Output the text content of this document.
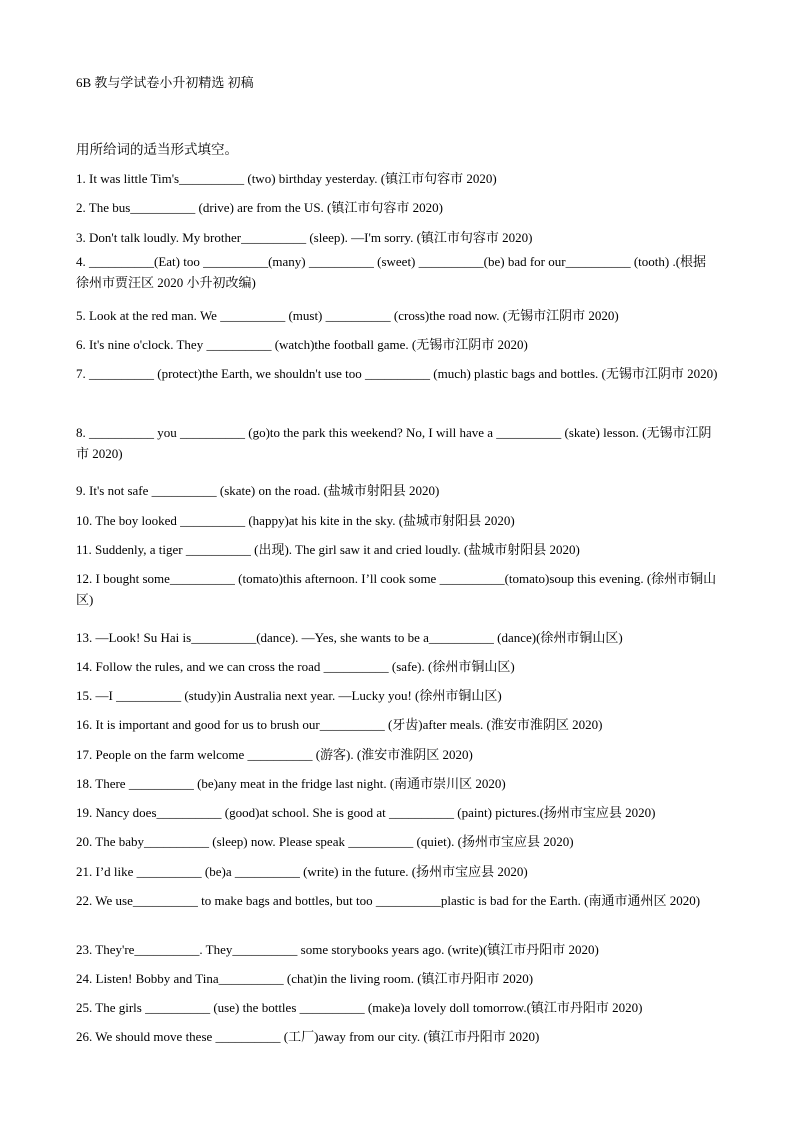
6B 教与学试卷小升初精选 初稿
用所给词的适当形式填空。
1. It was little Tim's__________ (two) birthday yesterday. (镇江市句容市 2020)
2. The bus__________ (drive) are from the US. (镇江市句容市 2020)
3. Don't talk loudly. My brother__________ (sleep). —I'm sorry. (镇江市句容市 2020)
4. __________(Eat) too __________(many) __________ (sweet) __________(be) bad for our__________ (tooth) .(根据徐州市贾汪区 2020 小升初改编)
5. Look at the red man. We __________ (must) __________ (cross)the road now. (无锡市江阴市 2020)
6. It's nine o'clock. They __________ (watch)the football game. (无锡市江阴市 2020)
7. __________ (protect)the Earth, we shouldn't use too __________ (much) plastic bags and bottles. (无锡市江阴市 2020)
8. __________ you __________ (go)to the park this weekend? No, I will have a __________ (skate) lesson. (无锡市江阴市 2020)
9. It's not safe __________ (skate) on the road. (盐城市射阳县 2020)
10. The boy looked __________ (happy)at his kite in the sky. (盐城市射阳县 2020)
11. Suddenly, a tiger __________ (出现). The girl saw it and cried loudly. (盐城市射阳县 2020)
12. I bought some__________ (tomato)this afternoon. I’ll cook some __________(tomato)soup this evening. (徐州市铜山区)
13. —Look! Su Hai is__________(dance). —Yes, she wants to be a__________ (dance)(徐州市铜山区)
14. Follow the rules, and we can cross the road __________ (safe). (徐州市铜山区)
15. —I __________ (study)in Australia next year. —Lucky you! (徐州市铜山区)
16. It is important and good for us to brush our__________ (牙齿)after meals. (淮安市淮阴区 2020)
17. People on the farm welcome __________ (游客). (淮安市淮阴区 2020)
18. There __________ (be)any meat in the fridge last night. (南通市崇川区 2020)
19. Nancy does__________ (good)at school. She is good at __________ (paint) pictures.(扬州市宝应县 2020)
20. The baby__________ (sleep) now. Please speak __________ (quiet). (扬州市宝应县 2020)
21. I’d like __________ (be)a __________ (write) in the future. (扬州市宝应县 2020)
22. We use__________ to make bags and bottles, but too __________plastic is bad for the Earth. (南通市通州区 2020)
23. They're__________. They__________ some storybooks years ago. (write)(镇江市丹阳市 2020)
24. Listen! Bobby and Tina__________ (chat)in the living room. (镇江市丹阳市 2020)
25. The girls __________ (use) the bottles __________ (make)a lovely doll tomorrow.(镇江市丹阳市 2020)
26. We should move these __________ (工厂)away from our city. (镇江市丹阳市 2020)
